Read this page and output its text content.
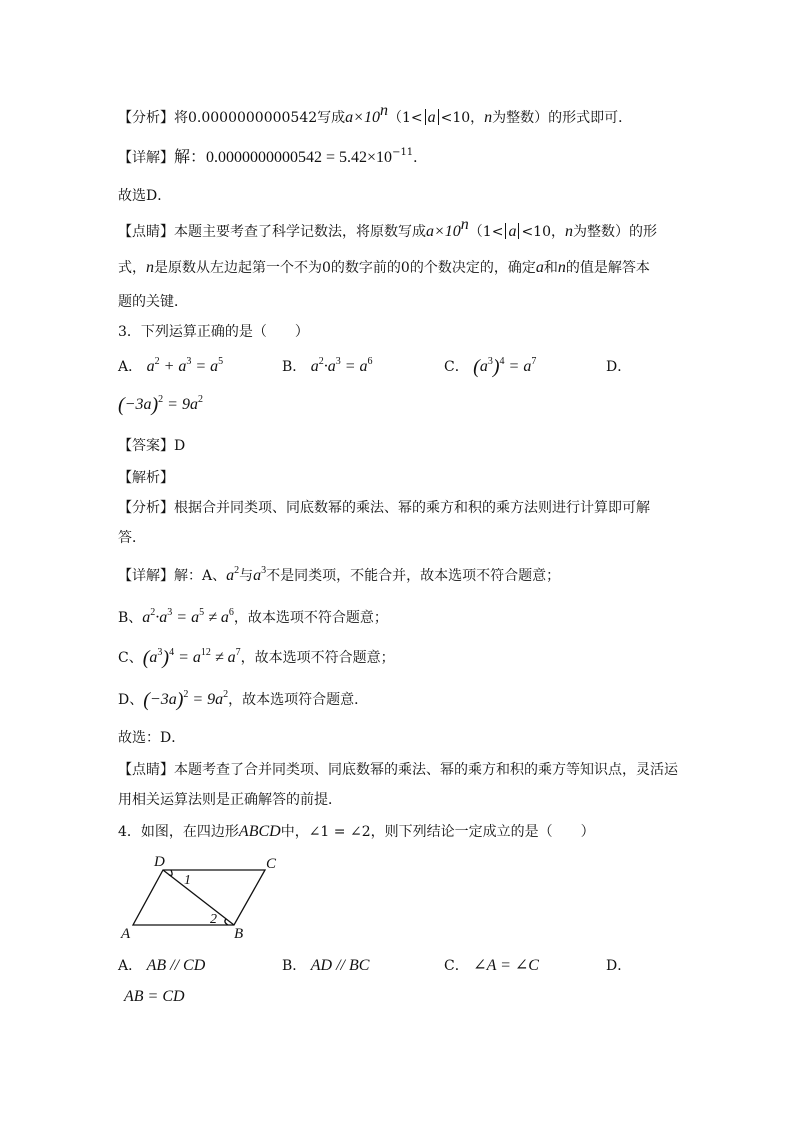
【分析】将0.0000000000542写成$a\times 10^n(1< a <10$，n为整数）的形式即可．
【详解】解：$0.0000000000542 = 5.42\times 10^{-11}$．
故选D．
【点睛】本题主要考查了科学记数法，将原数写成$a\times 10^n(1< a <10$，n为整数）的形
式，n是原数从左边起第一个不为0的数字前的0的个数决定的，确定a和n的值是解答本
题的关键．
3．下列运算正确的是（　　）
A． $a^2 + a^3 = a^5$	B． $a^2\cdot a^3 = a^6$	C． $(a^3)^4 = a^7$	D．
$(-3a)^2 = 9a^2$
【答案】D
【解析】
【分析】根据合并同类项、同底数幂的乘法、幂的乘方和积的乘方法则进行计算即可解
答．
【详解】解：A、$a^2$与$a^3$不是同类项，不能合并，故本选项不符合题意；
B、$a^2\cdot a^3 = a^5 \ne a^6$，故本选项不符合题意；
C、$(a^3)^4 = a^{12} \ne a^7$，故本选项不符合题意；
D、$(-3a)^2 = 9a^2$，故本选项符合题意．
故选：D．
【点睛】本题考查了合并同类项、同底数幂的乘法、幂的乘方和积的乘方等知识点，灵活运
用相关运算法则是正确解答的前提．
4．如图，在四边形ABCD中，∠1 = ∠2，则下列结论一定成立的是（　　）
D	C
A	B
1
2
A． AB // CD	B． AD // BC	C． ∠A = ∠C	D．
AB = CD
